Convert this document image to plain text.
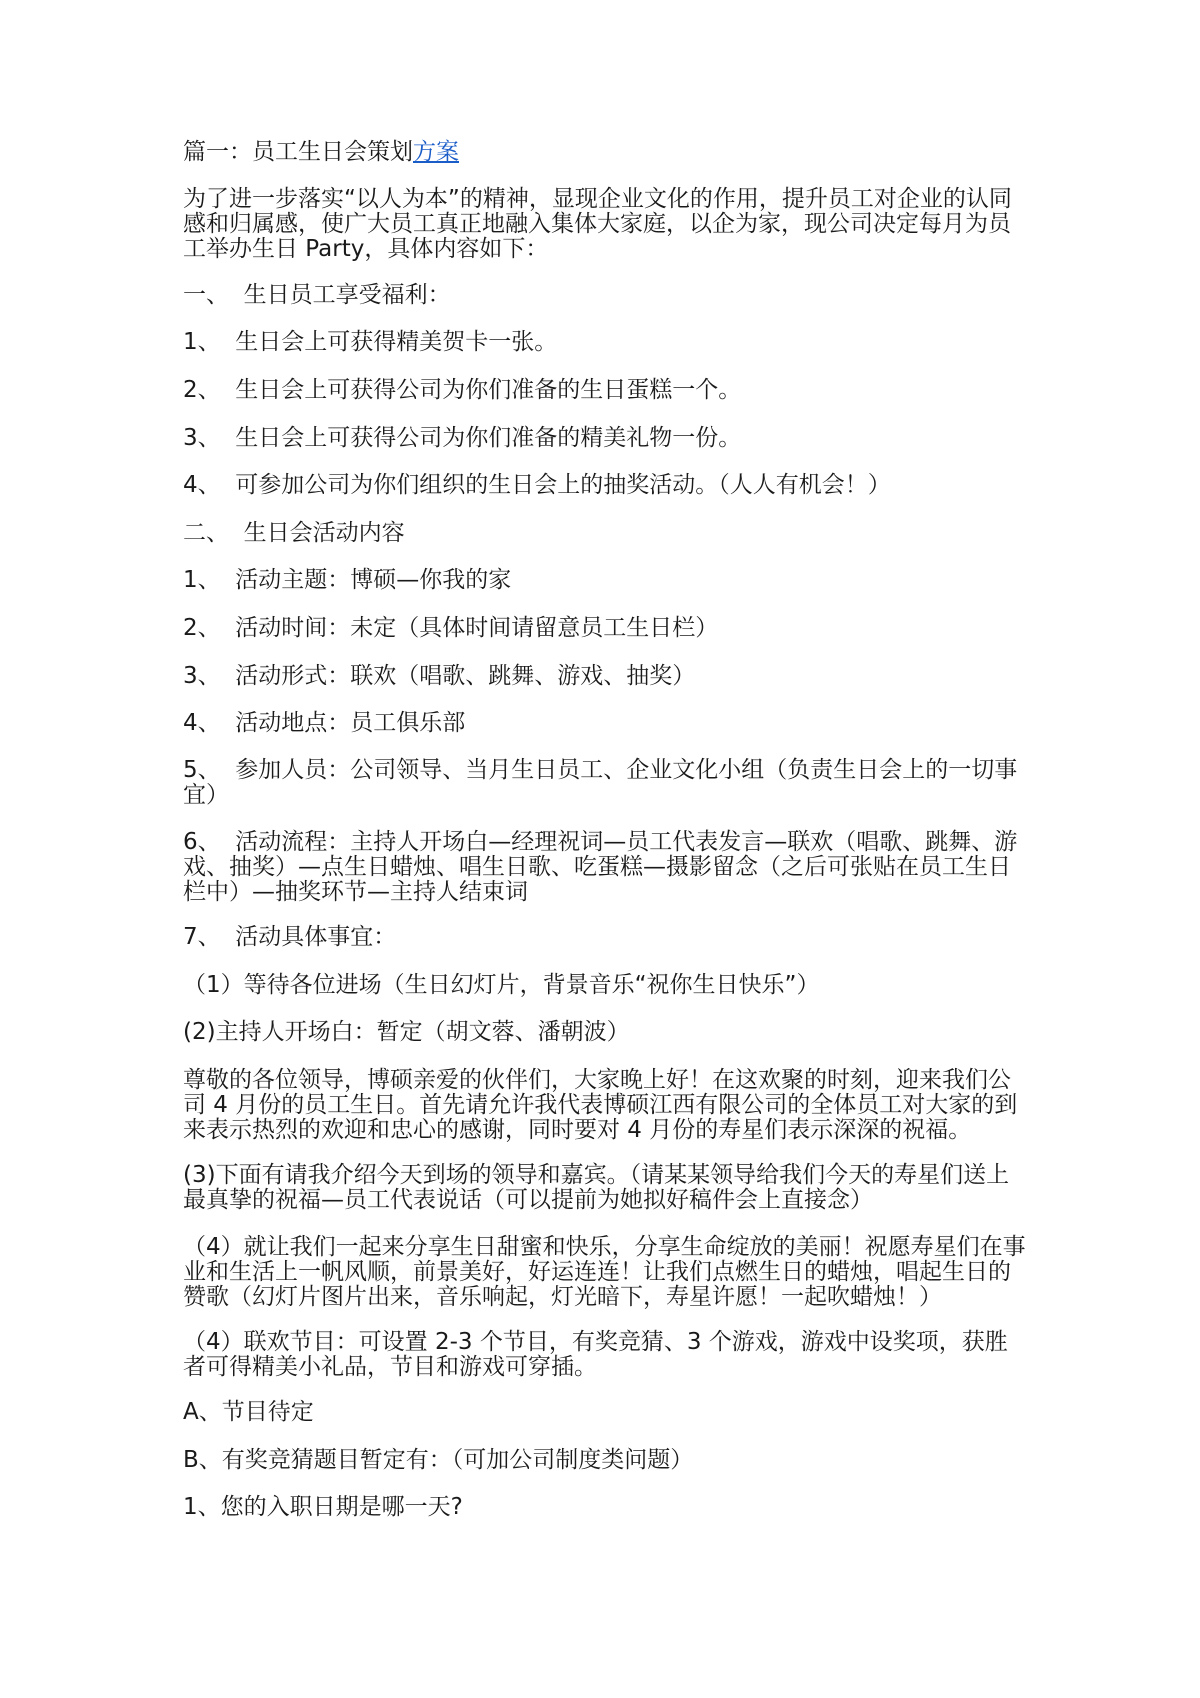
篇一：员工生日会策划方案

为了进一步落实“以人为本”的精神，显现企业文化的作用，提升员工对企业的认同感和归属感，使广大员工真正地融入集体大家庭，以企为家，现公司决定每月为员工举办生日 Party，具体内容如下：

一、  生日员工享受福利：

1、  生日会上可获得精美贺卡一张。

2、  生日会上可获得公司为你们准备的生日蛋糕一个。

3、  生日会上可获得公司为你们准备的精美礼物一份。

4、  可参加公司为你们组织的生日会上的抽奖活动。（人人有机会！）

二、  生日会活动内容

1、  活动主题：博硕—你我的家

2、  活动时间：未定（具体时间请留意员工生日栏）

3、  活动形式：联欢（唱歌、跳舞、游戏、抽奖）

4、  活动地点：员工俱乐部

5、  参加人员：公司领导、当月生日员工、企业文化小组（负责生日会上的一切事宜）

6、  活动流程：主持人开场白—经理祝词—员工代表发言—联欢（唱歌、跳舞、游戏、抽奖）—点生日蜡烛、唱生日歌、吃蛋糕—摄影留念（之后可张贴在员工生日栏中）—抽奖环节—主持人结束词

7、  活动具体事宜：

（1）等待各位进场（生日幻灯片，背景音乐“祝你生日快乐”）

(2)主持人开场白：暂定（胡文蓉、潘朝波）

尊敬的各位领导，博硕亲爱的伙伴们，大家晚上好！在这欢聚的时刻，迎来我们公司 4 月份的员工生日。首先请允许我代表博硕江西有限公司的全体员工对大家的到来表示热烈的欢迎和忠心的感谢，同时要对 4 月份的寿星们表示深深的祝福。

(3)下面有请我介绍今天到场的领导和嘉宾。（请某某领导给我们今天的寿星们送上最真挚的祝福—员工代表说话（可以提前为她拟好稿件会上直接念）

（4）就让我们一起来分享生日甜蜜和快乐，分享生命绽放的美丽！祝愿寿星们在事业和生活上一帆风顺，前景美好，好运连连！让我们点燃生日的蜡烛，唱起生日的赞歌（幻灯片图片出来，音乐响起，灯光暗下，寿星许愿！一起吹蜡烛！）

（4）联欢节目：可设置 2-3 个节目，有奖竞猜、3 个游戏，游戏中设奖项，获胜者可得精美小礼品，节目和游戏可穿插。

A、节目待定

B、有奖竞猜题目暂定有：（可加公司制度类问题）

1、您的入职日期是哪一天?
